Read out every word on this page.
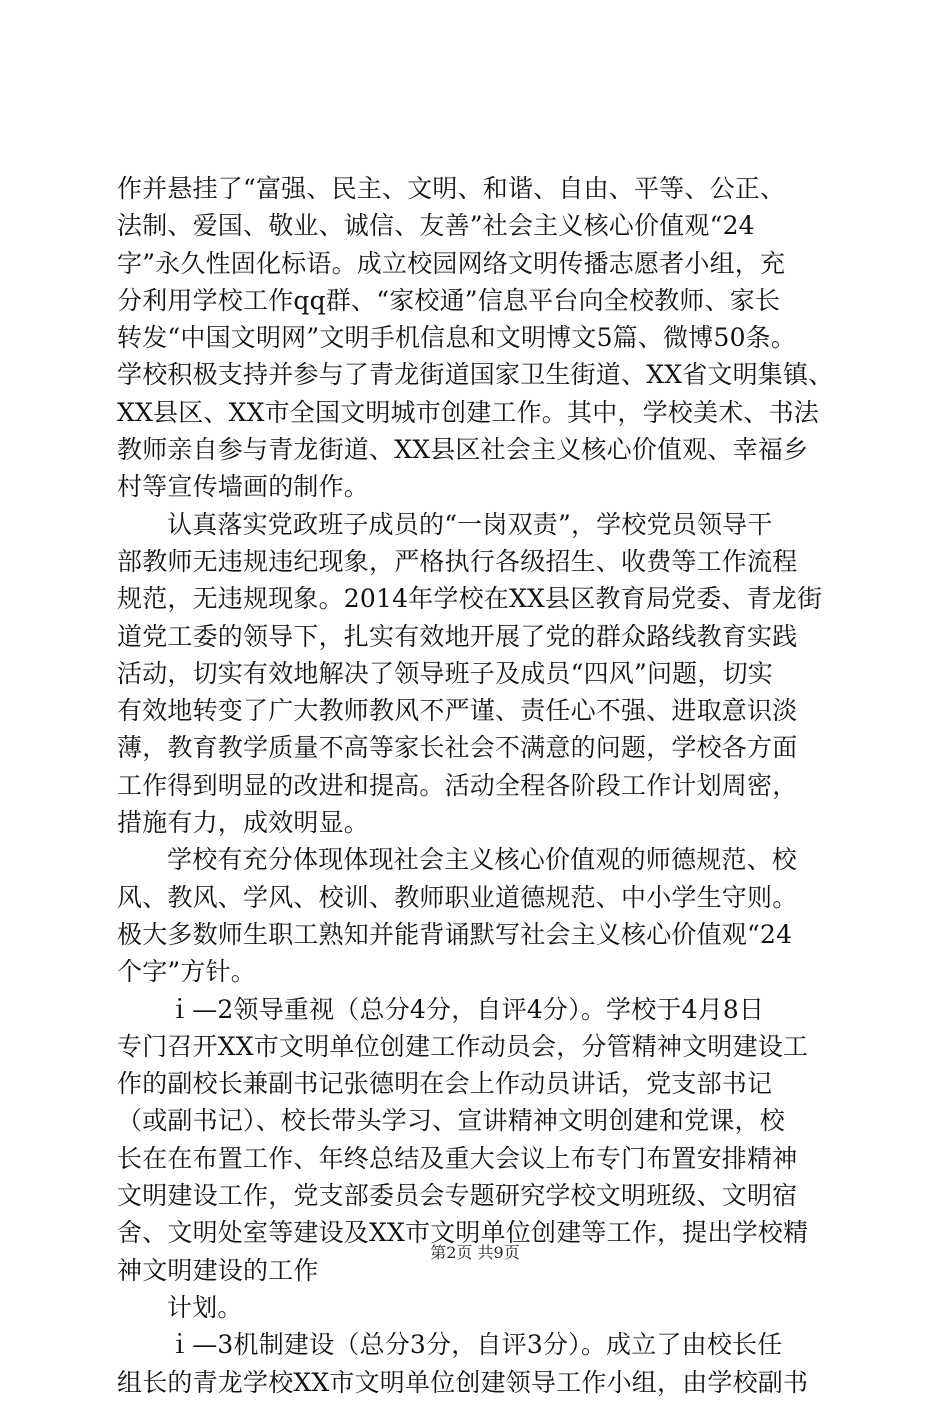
作并悬挂了“富强、民主、文明、和谐、自由、平等、公正、
法制、爱国、敬业、诚信、友善”社会主义核心价值观“24
字”永久性固化标语。成立校园网络文明传播志愿者小组，充
分利用学校工作qq群、“家校通”信息平台向全校教师、家长
转发“中国文明网”文明手机信息和文明博文5篇、微博50条。
学校积极支持并参与了青龙街道国家卫生街道、XX省文明集镇、
XX县区、XX市全国文明城市创建工作。其中，学校美术、书法
教师亲自参与青龙街道、XX县区社会主义核心价值观、幸福乡
村等宣传墙画的制作。
认真落实党政班子成员的“一岗双责”，学校党员领导干
部教师无违规违纪现象，严格执行各级招生、收费等工作流程
规范，无违规现象。2014年学校在XX县区教育局党委、青龙街
道党工委的领导下，扎实有效地开展了党的群众路线教育实践
活动，切实有效地解决了领导班子及成员“四风”问题，切实
有效地转变了广大教师教风不严谨、责任心不强、进取意识淡
薄，教育教学质量不高等家长社会不满意的问题，学校各方面
工作得到明显的改进和提高。活动全程各阶段工作计划周密，
措施有力，成效明显。
学校有充分体现体现社会主义核心价值观的师德规范、校
风、教风、学风、校训、教师职业道德规范、中小学生守则。
极大多数师生职工熟知并能背诵默写社会主义核心价值观“24
个字”方针。
ｉ—2领导重视（总分4分，自评4分）。学校于4月8日
专门召开XX市文明单位创建工作动员会，分管精神文明建设工
作的副校长兼副书记张德明在会上作动员讲话，党支部书记
（或副书记）、校长带头学习、宣讲精神文明创建和党课，校
长在在布置工作、年终总结及重大会议上布专门布置安排精神
文明建设工作，党支部委员会专题研究学校文明班级、文明宿
舍、文明处室等建设及XX市文明单位创建等工作，提出学校精
神文明建设的工作
计划。
ｉ—3机制建设（总分3分，自评3分）。成立了由校长任
组长的青龙学校XX市文明单位创建领导工作小组，由学校副书
第2页 共9页
